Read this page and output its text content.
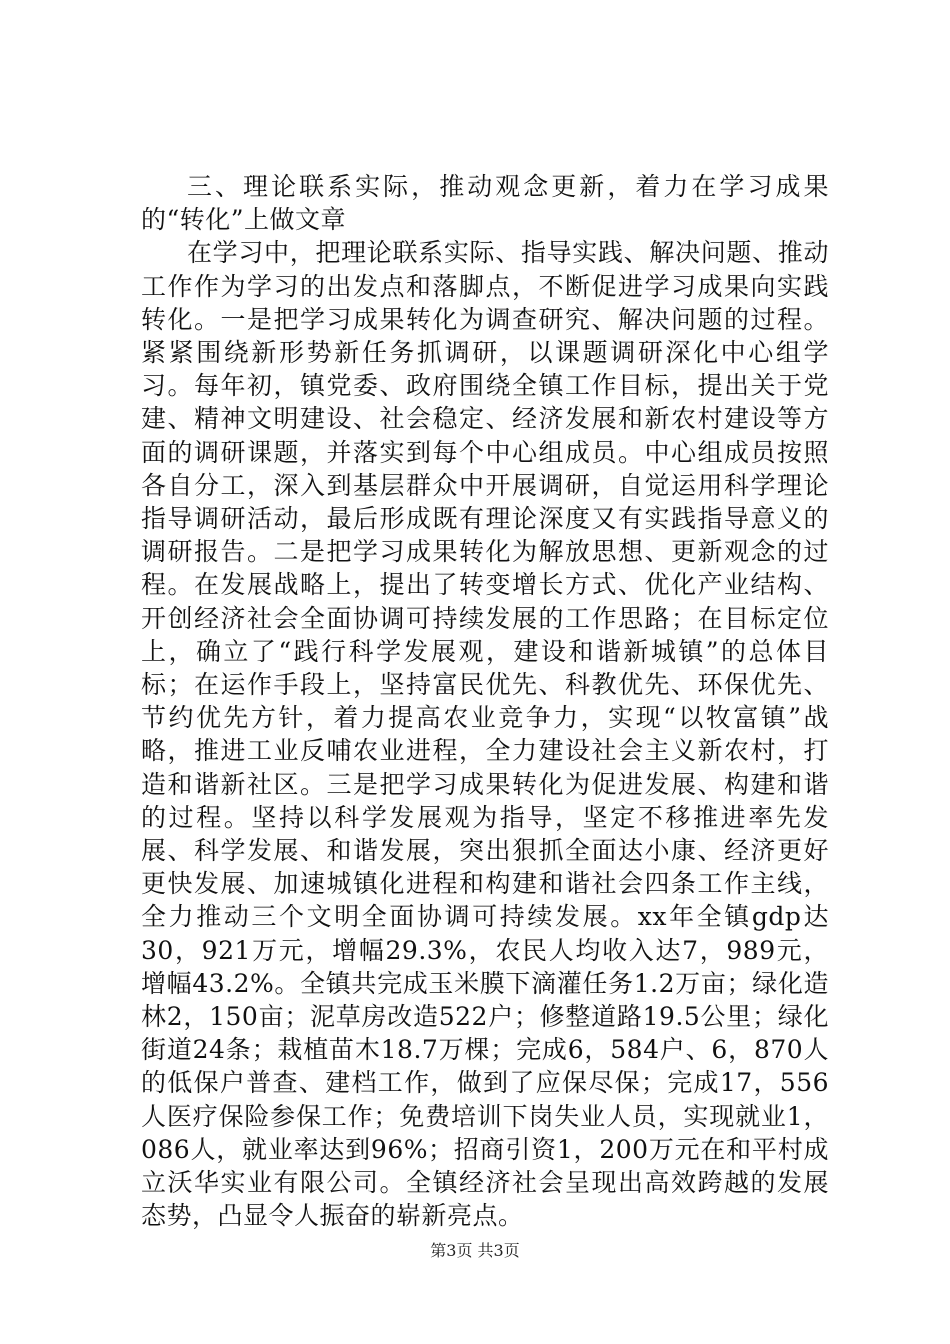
三、理论联系实际，推动观念更新，着力在学习成果的“转化”上做文章

在学习中，把理论联系实际、指导实践、解决问题、推动工作作为学习的出发点和落脚点，不断促进学习成果向实践转化。一是把学习成果转化为调查研究、解决问题的过程。紧紧围绕新形势新任务抓调研，以课题调研深化中心组学习。每年初，镇党委、政府围绕全镇工作目标，提出关于党建、精神文明建设、社会稳定、经济发展和新农村建设等方面的调研课题，并落实到每个中心组成员。中心组成员按照各自分工，深入到基层群众中开展调研，自觉运用科学理论指导调研活动，最后形成既有理论深度又有实践指导意义的调研报告。二是把学习成果转化为解放思想、更新观念的过程。在发展战略上，提出了转变增长方式、优化产业结构、开创经济社会全面协调可持续发展的工作思路；在目标定位上，确立了“践行科学发展观，建设和谐新城镇”的总体目标；在运作手段上，坚持富民优先、科教优先、环保优先、节约优先方针，着力提高农业竞争力，实现“以牧富镇”战略，推进工业反哺农业进程，全力建设社会主义新农村，打造和谐新社区。三是把学习成果转化为促进发展、构建和谐的过程。坚持以科学发展观为指导，坚定不移推进率先发展、科学发展、和谐发展，突出狠抓全面达小康、经济更好更快发展、加速城镇化进程和构建和谐社会四条工作主线，全力推动三个文明全面协调可持续发展。xx年全镇gdp达30，921万元，增幅29.3%，农民人均收入达7，989元，增幅43.2%。全镇共完成玉米膜下滴灌任务1.2万亩；绿化造林2，150亩；泥草房改造522户；修整道路19.5公里；绿化街道24条；栽植苗木18.7万棵；完成6，584户、6，870人的低保户普查、建档工作，做到了应保尽保；完成17，556人医疗保险参保工作；免费培训下岗失业人员，实现就业1，086人，就业率达到96%；招商引资1，200万元在和平村成立沃华实业有限公司。全镇经济社会呈现出高效跨越的发展态势，凸显令人振奋的崭新亮点。

第3页 共3页
